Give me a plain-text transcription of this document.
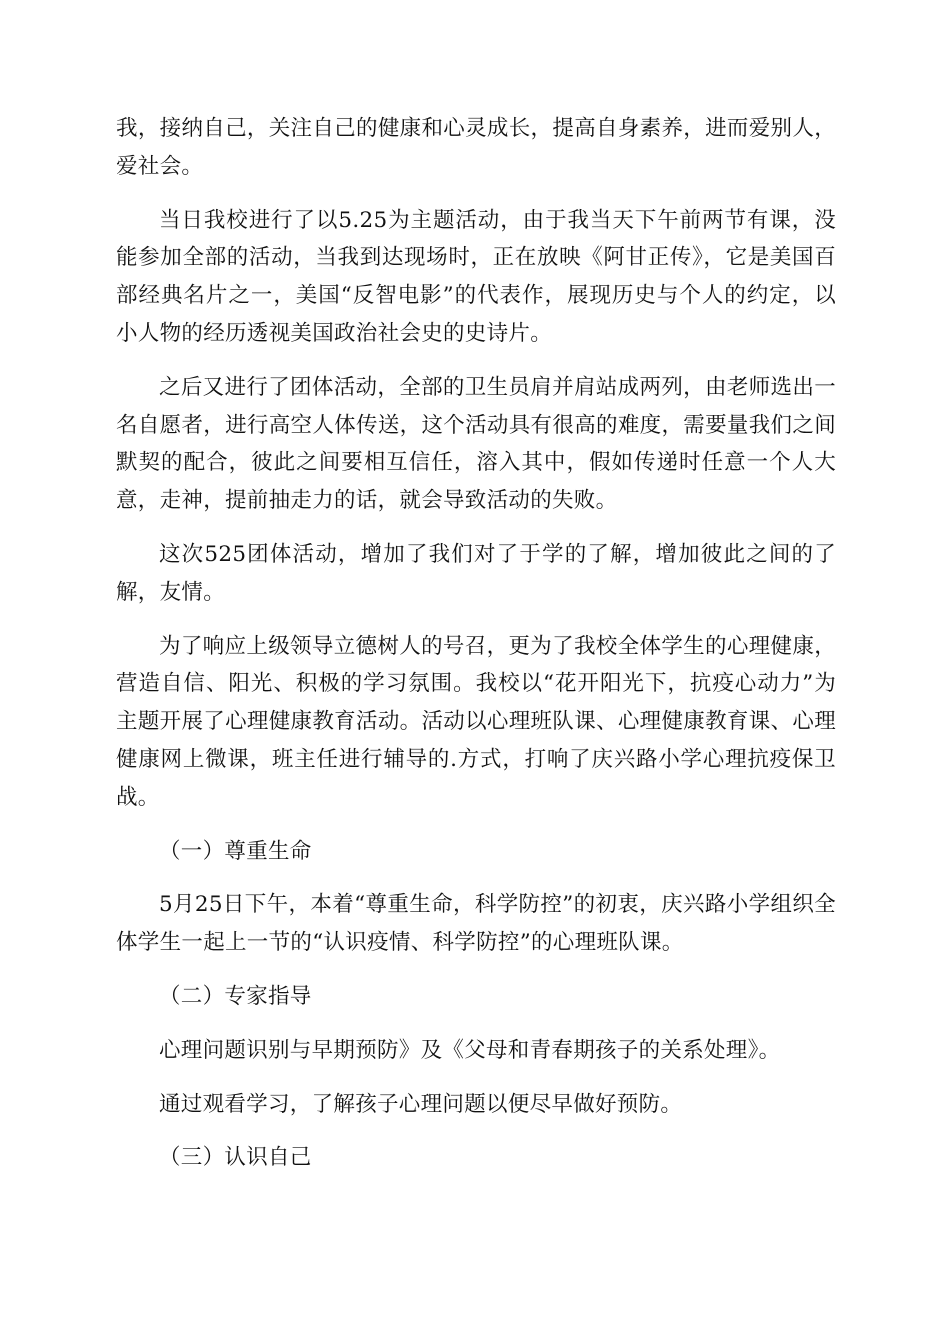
我，接纳自己，关注自己的健康和心灵成长，提高自身素养，进而爱别人，爱社会。

当日我校进行了以5.25为主题活动，由于我当天下午前两节有课，没能参加全部的活动，当我到达现场时，正在放映《阿甘正传》，它是美国百部经典名片之一，美国“反智电影”的代表作，展现历史与个人的约定，以小人物的经历透视美国政治社会史的史诗片。

之后又进行了团体活动，全部的卫生员肩并肩站成两列，由老师选出一名自愿者，进行高空人体传送，这个活动具有很高的难度，需要量我们之间默契的配合，彼此之间要相互信任，溶入其中，假如传递时任意一个人大意，走神，提前抽走力的话，就会导致活动的失败。

这次525团体活动，增加了我们对了于学的了解，增加彼此之间的了解，友情。

为了响应上级领导立德树人的号召，更为了我校全体学生的心理健康，营造自信、阳光、积极的学习氛围。我校以“花开阳光下，抗疫心动力”为主题开展了心理健康教育活动。活动以心理班队课、心理健康教育课、心理健康网上微课，班主任进行辅导的.方式，打响了庆兴路小学心理抗疫保卫战。

（一）尊重生命

5月25日下午，本着“尊重生命，科学防控”的初衷，庆兴路小学组织全体学生一起上一节的“认识疫情、科学防控”的心理班队课。

（二）专家指导

心理问题识别与早期预防》及《父母和青春期孩子的关系处理》。

通过观看学习，了解孩子心理问题以便尽早做好预防。

（三）认识自己
